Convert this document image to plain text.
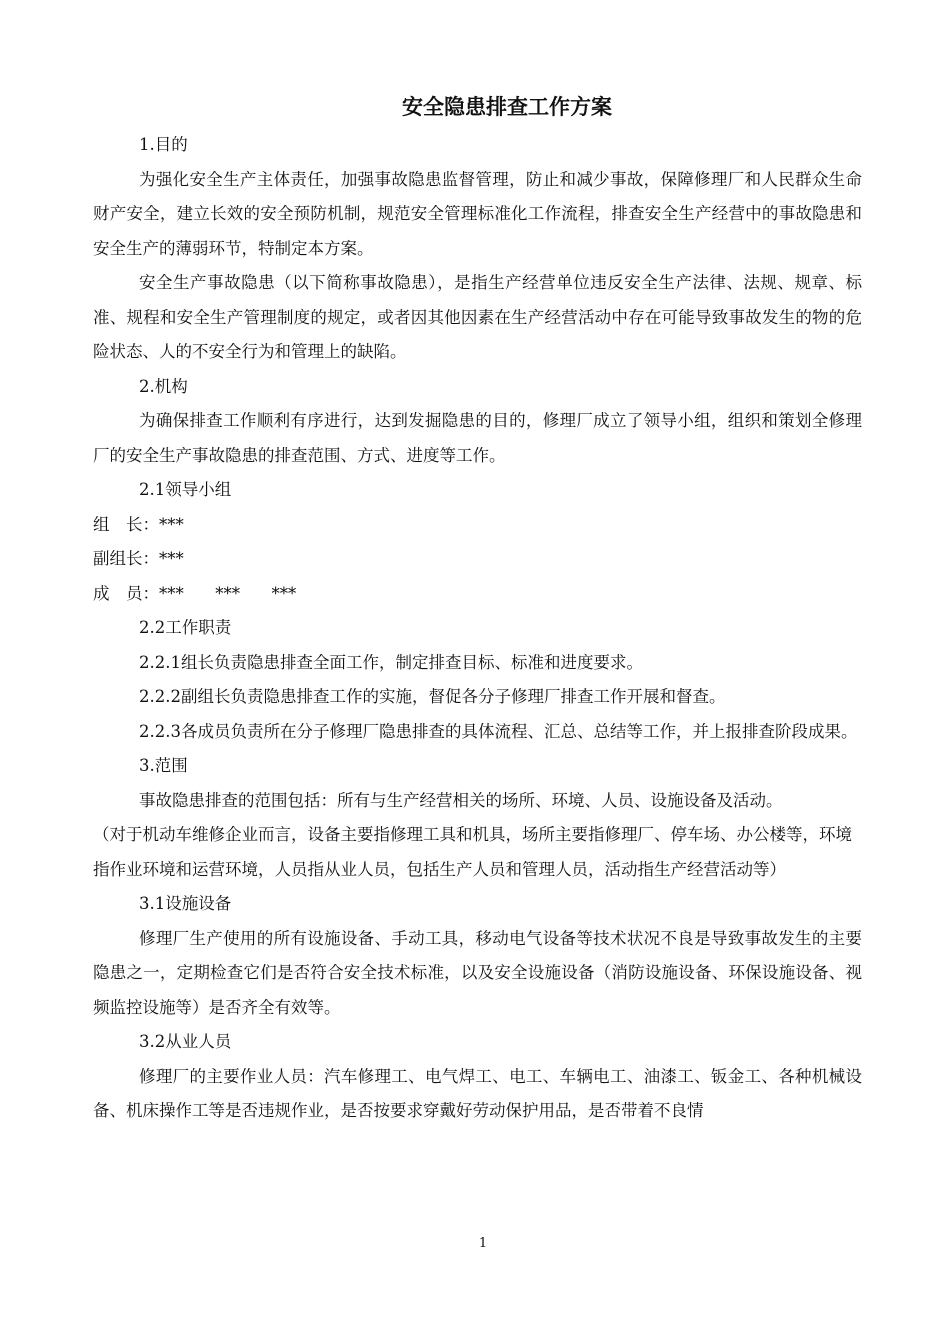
安全隐患排查工作方案

1.目的

为强化安全生产主体责任，加强事故隐患监督管理，防止和减少事故，保障修理厂和人民群众生命财产安全，建立长效的安全预防机制，规范安全管理标准化工作流程，排查安全生产经营中的事故隐患和安全生产的薄弱环节，特制定本方案。

安全生产事故隐患（以下简称事故隐患），是指生产经营单位违反安全生产法律、法规、规章、标准、规程和安全生产管理制度的规定，或者因其他因素在生产经营活动中存在可能导致事故发生的物的危险状态、人的不安全行为和管理上的缺陷。

2.机构

为确保排查工作顺利有序进行，达到发掘隐患的目的，修理厂成立了领导小组，组织和策划全修理厂的安全生产事故隐患的排查范围、方式、进度等工作。

2.1领导小组

组　长：***

副组长：***

成　员：***      ***      ***

2.2工作职责

2.2.1组长负责隐患排查全面工作，制定排查目标、标准和进度要求。

2.2.2副组长负责隐患排查工作的实施，督促各分子修理厂排查工作开展和督查。

2.2.3各成员负责所在分子修理厂隐患排查的具体流程、汇总、总结等工作，并上报排查阶段成果。

3.范围

事故隐患排查的范围包括：所有与生产经营相关的场所、环境、人员、设施设备及活动。

（对于机动车维修企业而言，设备主要指修理工具和机具，场所主要指修理厂、停车场、办公楼等，环境指作业环境和运营环境，人员指从业人员，包括生产人员和管理人员，活动指生产经营活动等）

3.1设施设备

修理厂生产使用的所有设施设备、手动工具，移动电气设备等技术状况不良是导致事故发生的主要隐患之一，定期检查它们是否符合安全技术标准，以及安全设施设备（消防设施设备、环保设施设备、视频监控设施等）是否齐全有效等。

3.2从业人员

修理厂的主要作业人员：汽车修理工、电气焊工、电工、车辆电工、油漆工、钣金工、各种机械设备、机床操作工等是否违规作业，是否按要求穿戴好劳动保护用品，是否带着不良情

1
